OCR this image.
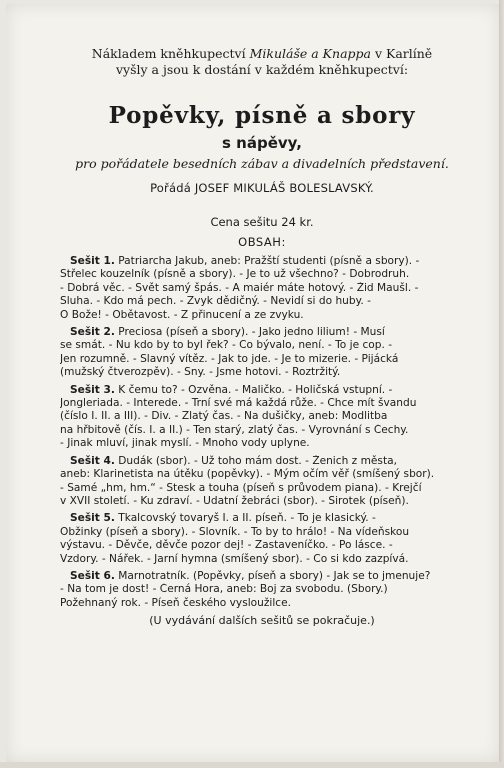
Nákladem kněhkupectví Mikuláše a Knappa v Karlíně

vyšly a jsou k dostání v každém kněhkupectví:

Popěvky, písně a sbory

s nápěvy,

pro pořádatele besedních zábav a divadelních představení.

Pořádá JOSEF MIKULÁŠ BOLESLAVSKÝ.

Cena sešitu 24 kr.

OBSAH:

Sešit 1. Patriarcha Jakub, aneb: Pražští studenti (písně a sbory). -
Střelec kouzelník (písně a sbory). - Je to už všechno? - Dobrodruh.
- Dobrá věc. - Svět samý špás. - A maiér máte hotový. - Žid Maušl. -
Sluha. - Kdo má pech. - Zvyk dědičný. - Nevidí si do huby. -
O Bože! - Obětavost. - Z přinucení a ze zvyku.
Sešit 2. Preciosa (píseň a sbory). - Jako jedno lilium! - Musí
se smát. - Nu kdo by to byl řek? - Co bývalo, není. - To je cop. -
Jen rozumně. - Slavný vítěz. - Jak to jde. - Je to mizerie. - Pijácká
(mužský čtverozpěv). - Sny. - Jsme hotovi. - Roztržitý.
Sešit 3. K čemu to? - Ozvěna. - Maličko. - Holičská vstupní. -
Jongleriada. - Interede. - Trní své má každá růže. - Chce mít švandu
(číslo I. II. a III). - Div. - Zlatý čas. - Na dušičky, aneb: Modlitba
na hřbitově (čís. I. a II.) - Ten starý, zlatý čas. - Vyrovnání s Čechy.
- Jinak mluví, jinak myslí. - Mnoho vody uplyne.
Sešit 4. Dudák (sbor). - Už toho mám dost. - Ženich z města,
aneb: Klarinetista na útěku (popěvky). - Mým očím věř (smíšený sbor).
- Samé „hm, hm.“ - Stesk a touha (píseň s průvodem piana). - Krejčí
v XVII století. - Ku zdraví. - Udatní žebráci (sbor). - Sirotek (píseň).
Sešit 5. Tkalcovský tovaryš I. a II. píseň. - To je klasický. -
Obžinky (píseň a sbory). - Slovník. - To by to hrálo! - Na vídeňskou
výstavu. - Děvče, děvče pozor dej! - Zastaveníčko. - Po lásce. -
Vzdory. - Nářek. - Jarní hymna (smíšený sbor). - Co si kdo zazpívá.
Sešit 6. Marnotratník. (Popěvky, píseň a sbory) - Jak se to jmenuje?
- Na tom je dost! - Černá Hora, aneb: Boj za svobodu. (Sbory.)
Požehnaný rok. - Píseň českého vysloužilce.

(U vydávání dalších sešitů se pokračuje.)
